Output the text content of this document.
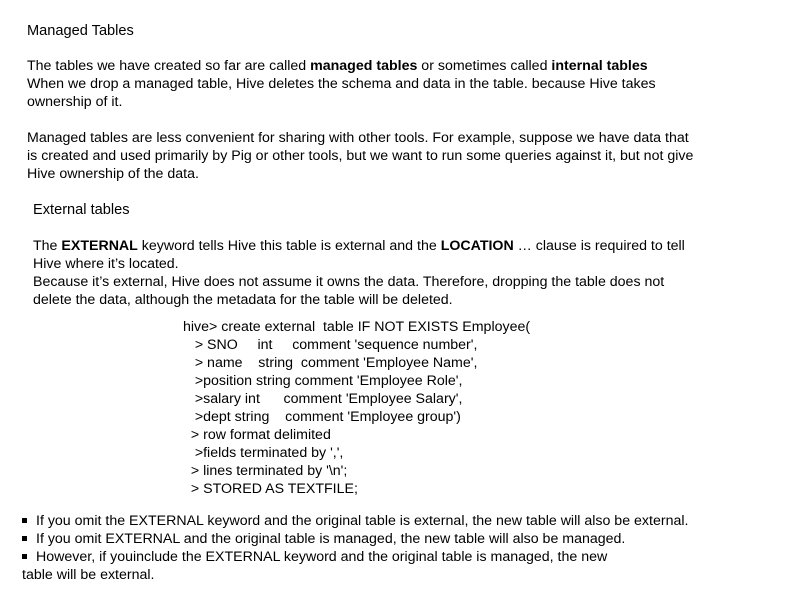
Managed Tables

The tables we have created so far are called managed tables or sometimes called internal tables

When we drop a managed table, Hive deletes the schema and data in the table. because Hive takes

ownership of it.

Managed tables are less convenient for sharing with other tools. For example, suppose we have data that

is created and used primarily by Pig or other tools, but we want to run some queries against it, but not give

Hive ownership of the data.

External tables

The EXTERNAL keyword tells Hive this table is external and the LOCATION … clause is required to tell

Hive where it’s located.

Because it’s external, Hive does not assume it owns the data. Therefore, dropping the table does not

delete the data, although the metadata for the table will be deleted.

hive> create external  table IF NOT EXISTS Employee(

> SNO     int     comment 'sequence number',

> name    string  comment 'Employee Name',

>position string comment 'Employee Role',

>salary int      comment 'Employee Salary',

>dept string    comment 'Employee group')

> row format delimited

>fields terminated by ',',

> lines terminated by '\n';

> STORED AS TEXTFILE;

If you omit the EXTERNAL keyword and the original table is external, the new table will also be external.
If you omit EXTERNAL and the original table is managed, the new table will also be managed.
However, if youinclude the EXTERNAL keyword and the original table is managed, the new
table will be external.
